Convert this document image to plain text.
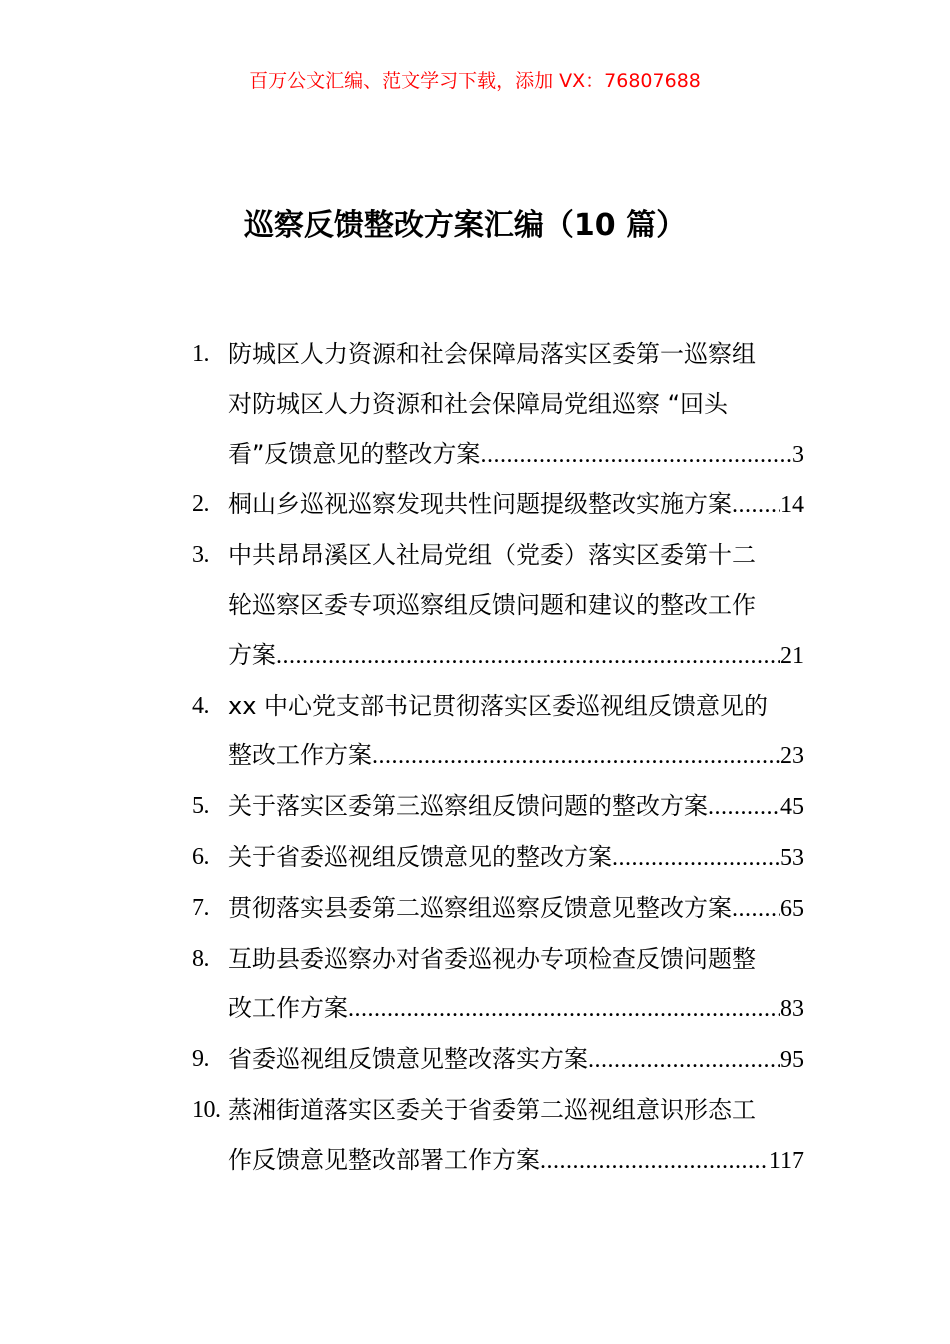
百万公文汇编、范文学习下载，添加 VX：76807688
巡察反馈整改方案汇编（10 篇）
1. 防城区人力资源和社会保障局落实区委第一巡察组
对防城区人力资源和社会保障局党组巡察 “回头
看”反馈意见的整改方案 .....	3
2. 桐山乡巡视巡察发现共性问题提级整改实施方案 ..... 14
3. 中共昂昂溪区人社局党组（党委）落实区委第十二
轮巡察区委专项巡察组反馈问题和建议的整改工作
方案 .....	21
4. xx 中心党支部书记贯彻落实区委巡视组反馈意见的
整改工作方案 .....	23
5. 关于落实区委第三巡察组反馈问题的整改方案 .....	45
6. 关于省委巡视组反馈意见的整改方案 .....	53
7. 贯彻落实县委第二巡察组巡察反馈意见整改方案 ..... 65
8. 互助县委巡察办对省委巡视办专项检查反馈问题整
改工作方案 .....	83
9. 省委巡视组反馈意见整改落实方案 .....	95
10. 蒸湘街道落实区委关于省委第二巡视组意识形态工
作反馈意见整改部署工作方案 .....	117
